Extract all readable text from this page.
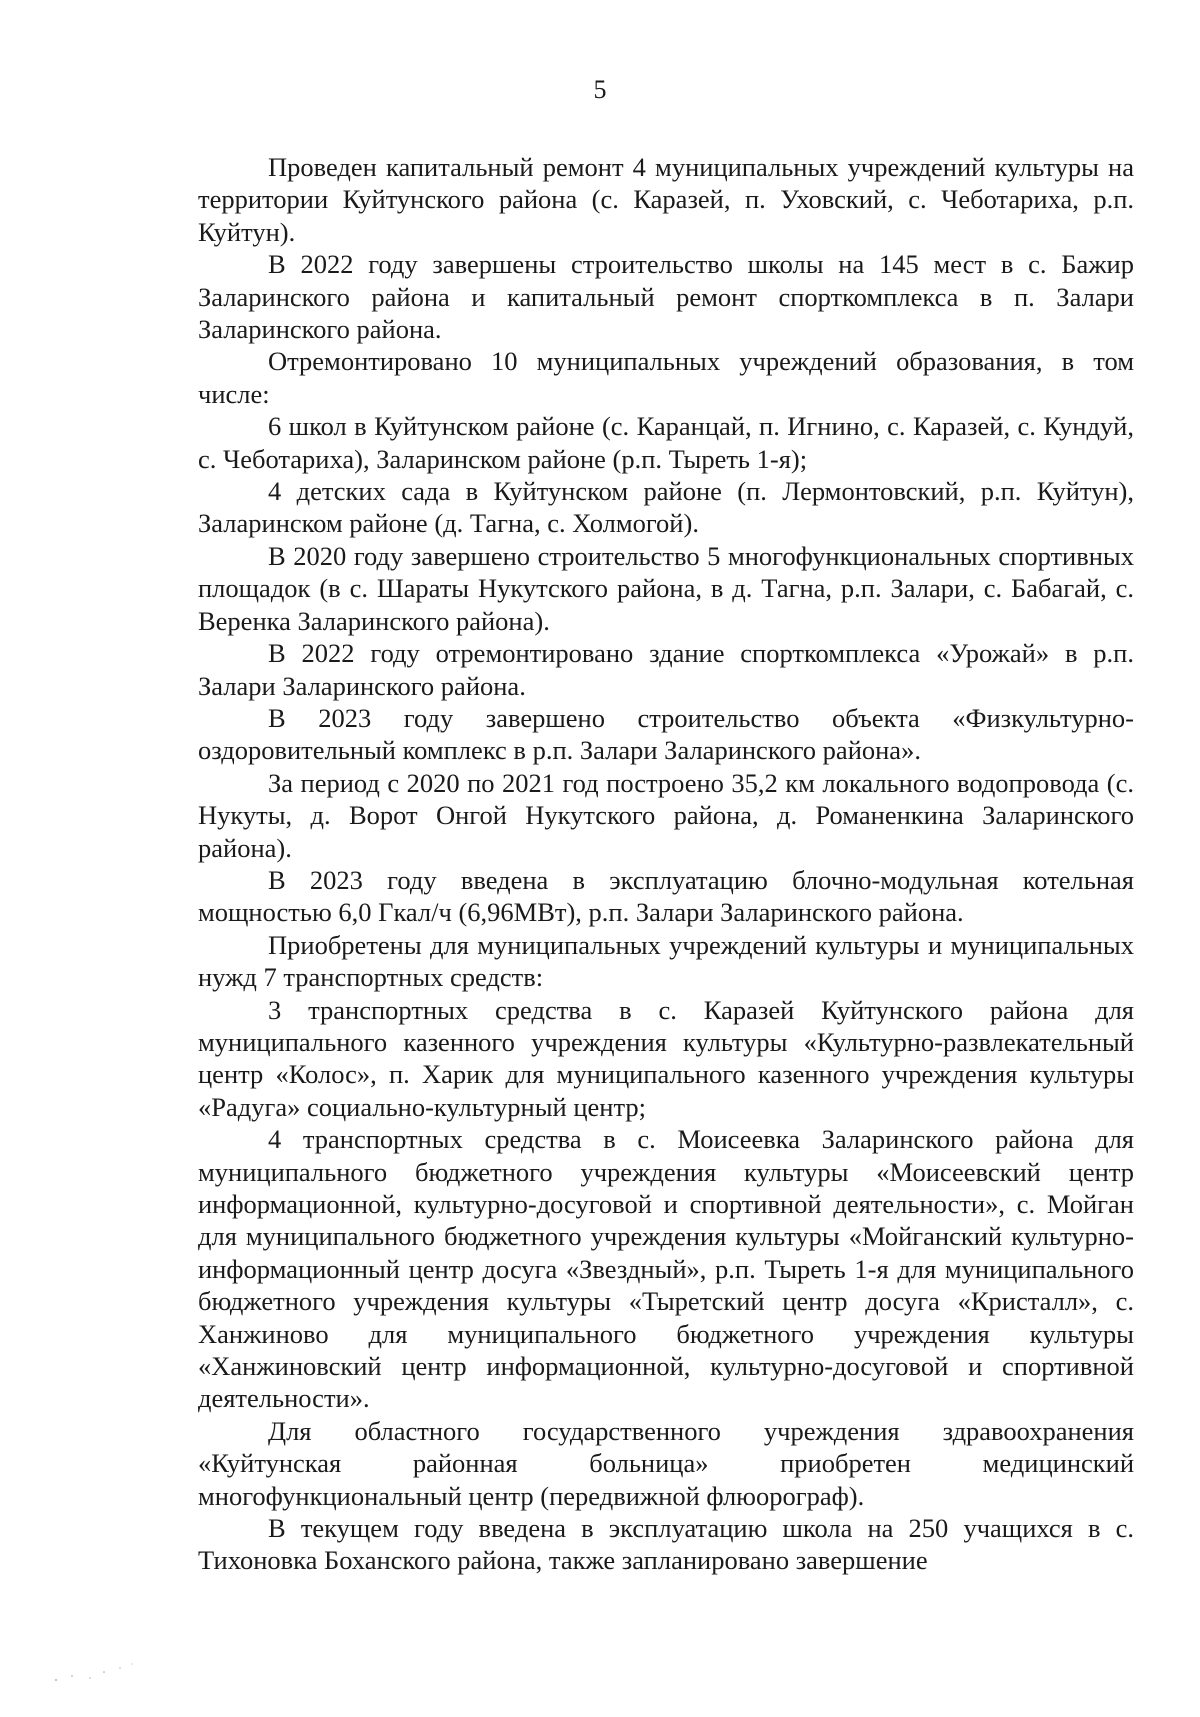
5

Проведен капитальный ремонт 4 муниципальных учреждений культуры на территории Куйтунского района (с. Каразей, п. Уховский, с. Чеботариха, р.п. Куйтун).

В 2022 году завершены строительство школы на 145 мест в с. Бажир Заларинского района и капитальный ремонт спорткомплекса в п. Залари Заларинского района.

Отремонтировано 10 муниципальных учреждений образования, в том числе:

6 школ в Куйтунском районе (с. Каранцай, п. Игнино, с. Каразей, с. Кундуй, с. Чеботариха), Заларинском районе (р.п. Тыреть 1-я);

4 детских сада в Куйтунском районе (п. Лермонтовский, р.п. Куйтун), Заларинском районе (д. Тагна, с. Холмогой).

В 2020 году завершено строительство 5 многофункциональных спортивных площадок (в с. Шараты Нукутского района, в д. Тагна, р.п. Залари, с. Бабагай, с. Веренка Заларинского района).

В 2022 году отремонтировано здание спорткомплекса «Урожай» в р.п. Залари Заларинского района.

В 2023 году завершено строительство объекта «Физкультурно-оздоровительный комплекс в р.п. Залари Заларинского района».

За период с 2020 по 2021 год построено 35,2 км локального водопровода (с. Нукуты, д. Ворот Онгой Нукутского района, д. Романенкина Заларинского района).

В 2023 году введена в эксплуатацию блочно-модульная котельная мощностью 6,0 Гкал/ч (6,96МВт), р.п. Залари Заларинского района.

Приобретены для муниципальных учреждений культуры и муниципальных нужд 7 транспортных средств:

3 транспортных средства в с. Каразей Куйтунского района для муниципального казенного учреждения культуры «Культурно-развлекательный центр «Колос», п. Харик для муниципального казенного учреждения культуры «Радуга» социально-культурный центр;

4 транспортных средства в с. Моисеевка Заларинского района для муниципального бюджетного учреждения культуры «Моисеевский центр информационной, культурно-досуговой и спортивной деятельности», с. Мойган для муниципального бюджетного учреждения культуры «Мойганский культурно-информационный центр досуга «Звездный», р.п. Тыреть 1-я для муниципального бюджетного учреждения культуры «Тыретский центр досуга «Кристалл», с. Ханжиново для муниципального бюджетного учреждения культуры «Ханжиновский центр информационной, культурно-досуговой и спортивной деятельности».

Для областного государственного учреждения здравоохранения «Куйтунская районная больница» приобретен медицинский многофункциональный центр (передвижной флюорограф).

В текущем году введена в эксплуатацию школа на 250 учащихся в с. Тихоновка Боханского района, также запланировано завершение
